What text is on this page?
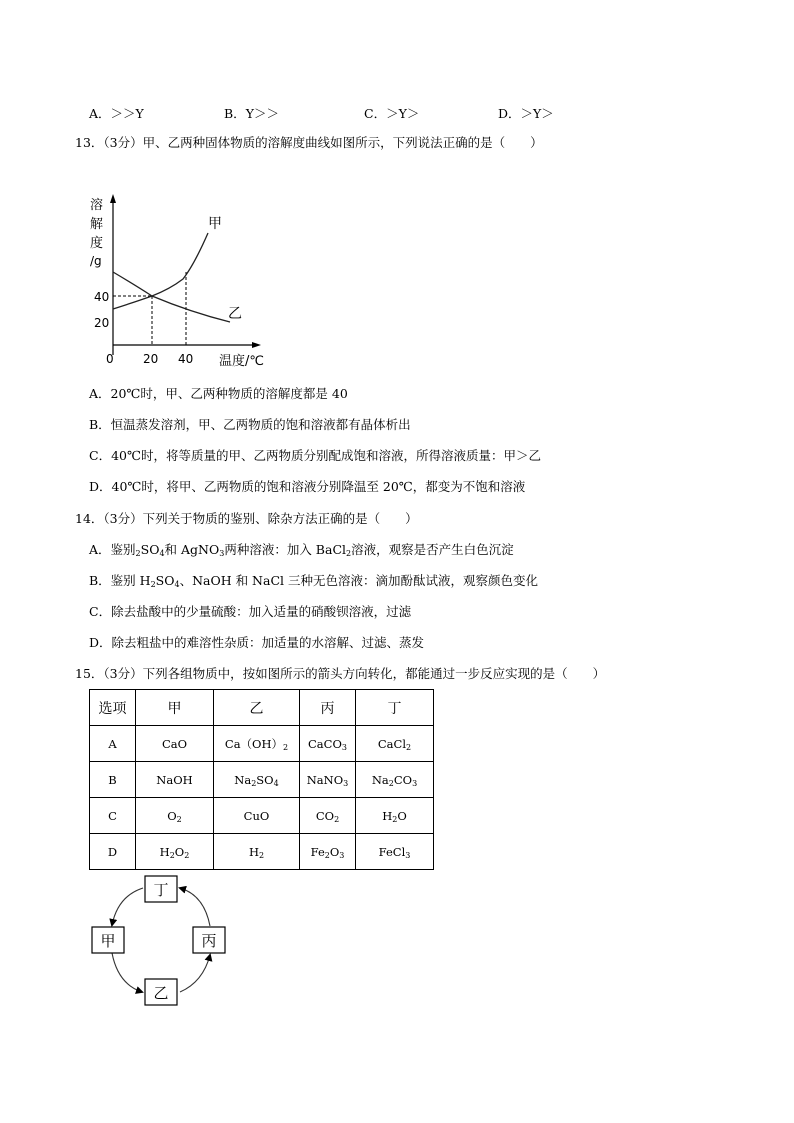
A．＞＞Y	B．Y＞＞	C．＞Y＞	D．＞Y＞
13．（3分）甲、乙两种固体物质的溶解度曲线如图所示，下列说法正确的是（　　）
溶
解
度
/g
40
20
0 20 40 温度/℃
甲
乙
A．20℃时，甲、乙两种物质的溶解度都是 40
B．恒温蒸发溶剂，甲、乙两物质的饱和溶液都有晶体析出
C．40℃时，将等质量的甲、乙两物质分别配成饱和溶液，所得溶液质量：甲＞乙
D．40℃时，将甲、乙两物质的饱和溶液分别降温至 20℃，都变为不饱和溶液
14．（3分）下列关于物质的鉴别、除杂方法正确的是（　　）
A．鉴别$_2SO_4$和 AgNO$_3$两种溶液：加入 BaCl$_2$溶液，观察是否产生白色沉淀
B．鉴别 $H_2SO_4$、NaOH 和 NaCl 三种无色溶液：滴加酚酞试液，观察颜色变化
C．除去盐酸中的少量硫酸：加入适量的硝酸钡溶液，过滤
D．除去粗盐中的难溶性杂质：加适量的水溶解、过滤、蒸发
15．（3分）下列各组物质中，按如图所示的箭头方向转化，都能通过一步反应实现的是（　　）
选项	甲	乙	丙	丁
A	CaO	$Ca(OH)_2$	CaCO$_3$	CaCl$_2$
B	NaOH	$Na_2SO_4$	NaNO$_3$	$Na_2CO_3$
C	$O_2$	CuO	$CO_2$	$H_2O$
D	$H_2O_2$	$H_2$	$Fe_2O_3$	FeCl$_3$
丁
甲	丙
乙
